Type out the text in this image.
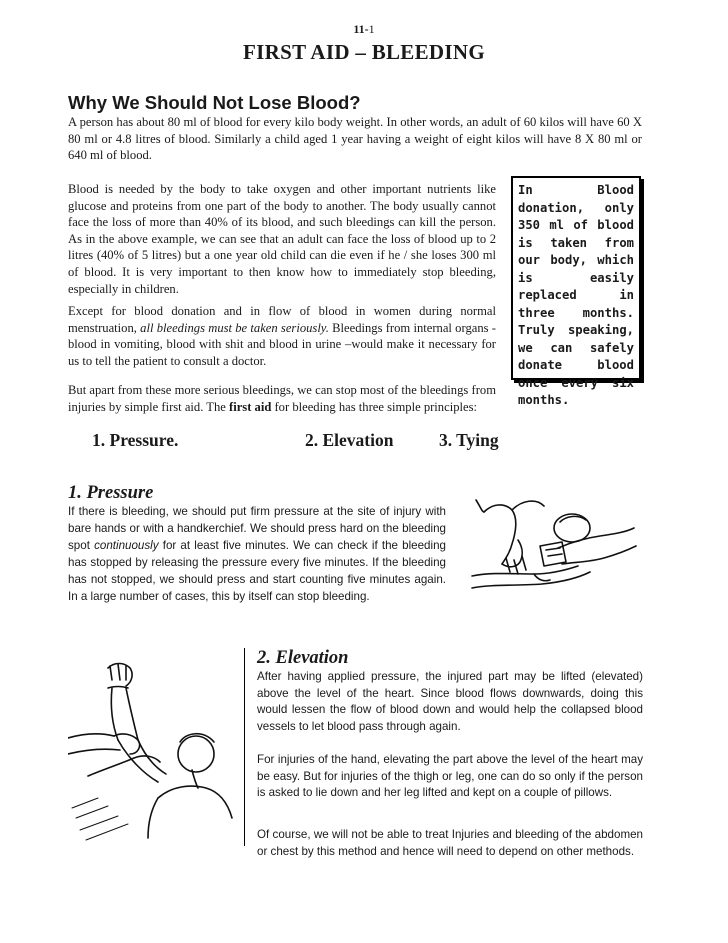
11-1
FIRST AID – BLEEDING
Why We Should Not Lose Blood?

A person has about 80 ml of blood for every kilo body weight. In other words, an adult of 60 kilos will have 60 X 80 ml or 4.8 litres of blood. Similarly a child aged 1 year having a weight of eight kilos will have 8 X 80 ml or 640 ml of blood.

Blood is needed by the body to take oxygen and other important nutrients like glucose and proteins from one part of the body to another. The body usually cannot face the loss of more than 40% of its blood, and such bleedings can kill the person. As in the above example, we can see that an adult can face the loss of blood up to 2 litres (40% of 5 litres) but a one year old child can die even if he / she loses 300 ml of blood. It is very important to then know how to immediately stop bleeding, especially in children.

Except for blood donation and in flow of blood in women during normal menstruation, all bleedings must be taken seriously. Bleedings from internal organs - blood in vomiting, blood with shit and blood in urine –would make it necessary for us to tell the patient to consult a doctor.

But apart from these more serious bleedings, we can stop most of the bleedings from injuries by simple first aid. The first aid for bleeding has three simple principles:

In Blood donation, only 350 ml of blood is taken from our body, which is easily replaced in three months. Truly speaking, we can safely donate blood once every six months.

1. Pressure.	2. Elevation	3. Tying
1. Pressure

If there is bleeding, we should put firm pressure at the site of injury with bare hands or with a handkerchief. We should press hard on the bleeding spot continuously for at least five minutes. We can check if the bleeding has stopped by releasing the pressure every five minutes. If the bleeding has not stopped, we should press and start counting five minutes again. In a large number of cases, this by itself can stop bleeding.

2. Elevation

After having applied pressure, the injured part may be lifted (elevated) above the level of the heart. Since blood flows downwards, doing this would lessen the flow of blood down and would help the collapsed blood vessels to let blood pass through again.

For injuries of the hand, elevating the part above the level of the heart may be easy. But for injuries of the thigh or leg, one can do so only if the person is asked to lie down and her leg lifted and kept on a couple of pillows.

Of course, we will not be able to treat Injuries and bleeding of the abdomen or chest by this method and hence will need to depend on other methods.
